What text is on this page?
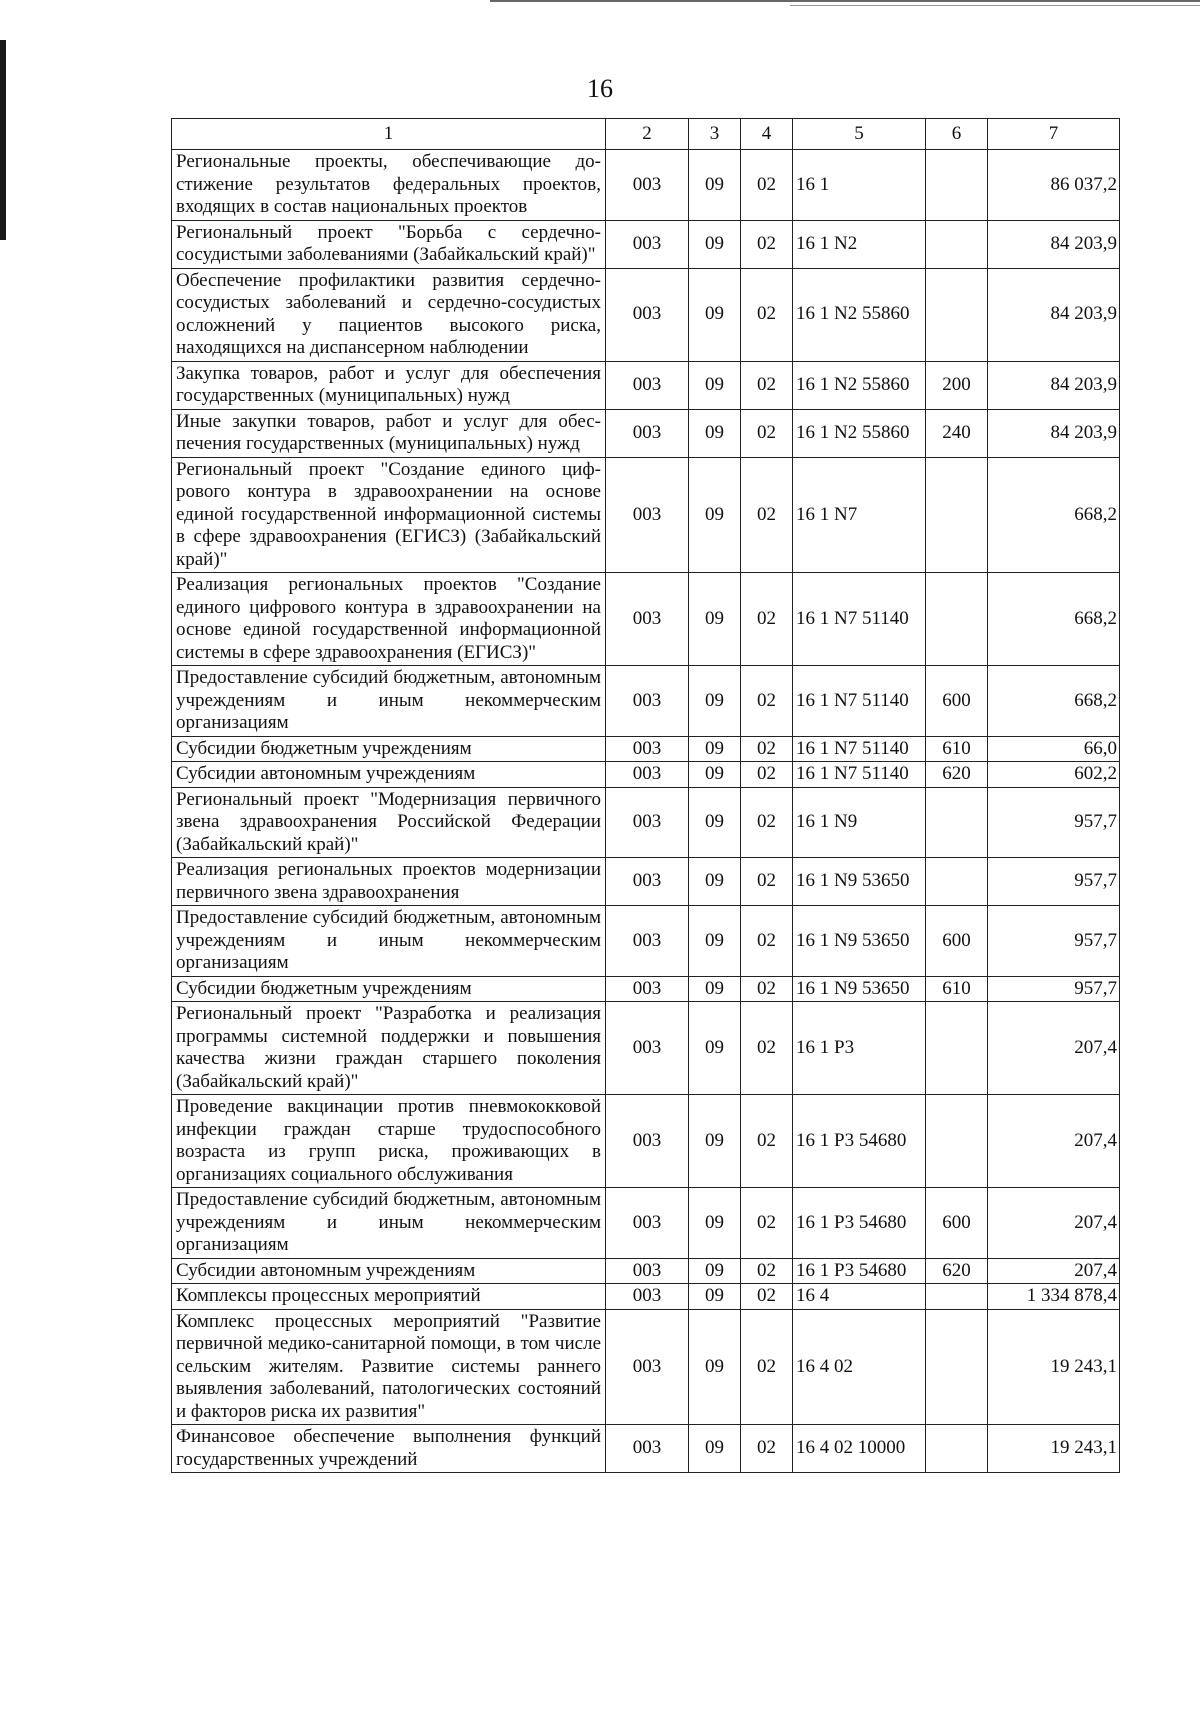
16
1	2	3	4	5	6	7
Региональные проекты, обеспечивающие достижение результатов федеральных проектов, входящих в состав национальных проектов	003	09	02	16 1		86 037,2
Региональный проект "Борьба с сердечно-сосудистыми заболеваниями (Забайкальский край)"	003	09	02	16 1 N2		84 203,9
Обеспечение профилактики развития сердечно-сосудистых заболеваний и сердечно-сосудистых осложнений у пациентов высокого риска, находящихся на диспансерном наблюдении	003	09	02	16 1 N2 55860		84 203,9
Закупка товаров, работ и услуг для обеспечения государственных (муниципальных) нужд	003	09	02	16 1 N2 55860	200	84 203,9
Иные закупки товаров, работ и услуг для обеспечения государственных (муниципальных) нужд	003	09	02	16 1 N2 55860	240	84 203,9
Региональный проект "Создание единого цифрового контура в здравоохранении на основе единой государственной информационной системы в сфере здравоохранения (ЕГИСЗ) (Забайкальский край)"	003	09	02	16 1 N7		668,2
Реализация региональных проектов "Создание единого цифрового контура в здравоохранении на основе единой государственной информационной системы в сфере здравоохранения (ЕГИСЗ)"	003	09	02	16 1 N7 51140		668,2
Предоставление субсидий бюджетным, автономным учреждениям и иным некоммерческим организациям	003	09	02	16 1 N7 51140	600	668,2
Субсидии бюджетным учреждениям	003	09	02	16 1 N7 51140	610	66,0
Субсидии автономным учреждениям	003	09	02	16 1 N7 51140	620	602,2
Региональный проект "Модернизация первичного звена здравоохранения Российской Федерации (Забайкальский край)"	003	09	02	16 1 N9		957,7
Реализация региональных проектов модернизации первичного звена здравоохранения	003	09	02	16 1 N9 53650		957,7
Предоставление субсидий бюджетным, автономным учреждениям и иным некоммерческим организациям	003	09	02	16 1 N9 53650	600	957,7
Субсидии бюджетным учреждениям	003	09	02	16 1 N9 53650	610	957,7
Региональный проект "Разработка и реализация программы системной поддержки и повышения качества жизни граждан старшего поколения (Забайкальский край)"	003	09	02	16 1 P3		207,4
Проведение вакцинации против пневмококковой инфекции граждан старше трудоспособного возраста из групп риска, проживающих в организациях социального обслуживания	003	09	02	16 1 P3 54680		207,4
Предоставление субсидий бюджетным, автономным учреждениям и иным некоммерческим организациям	003	09	02	16 1 P3 54680	600	207,4
Субсидии автономным учреждениям	003	09	02	16 1 P3 54680	620	207,4
Комплексы процессных мероприятий	003	09	02	16 4		1 334 878,4
Комплекс процессных мероприятий "Развитие первичной медико-санитарной помощи, в том числе сельским жителям. Развитие системы раннего выявления заболеваний, патологических состояний и факторов риска их развития"	003	09	02	16 4 02		19 243,1
Финансовое обеспечение выполнения функций государственных учреждений	003	09	02	16 4 02 10000		19 243,1
